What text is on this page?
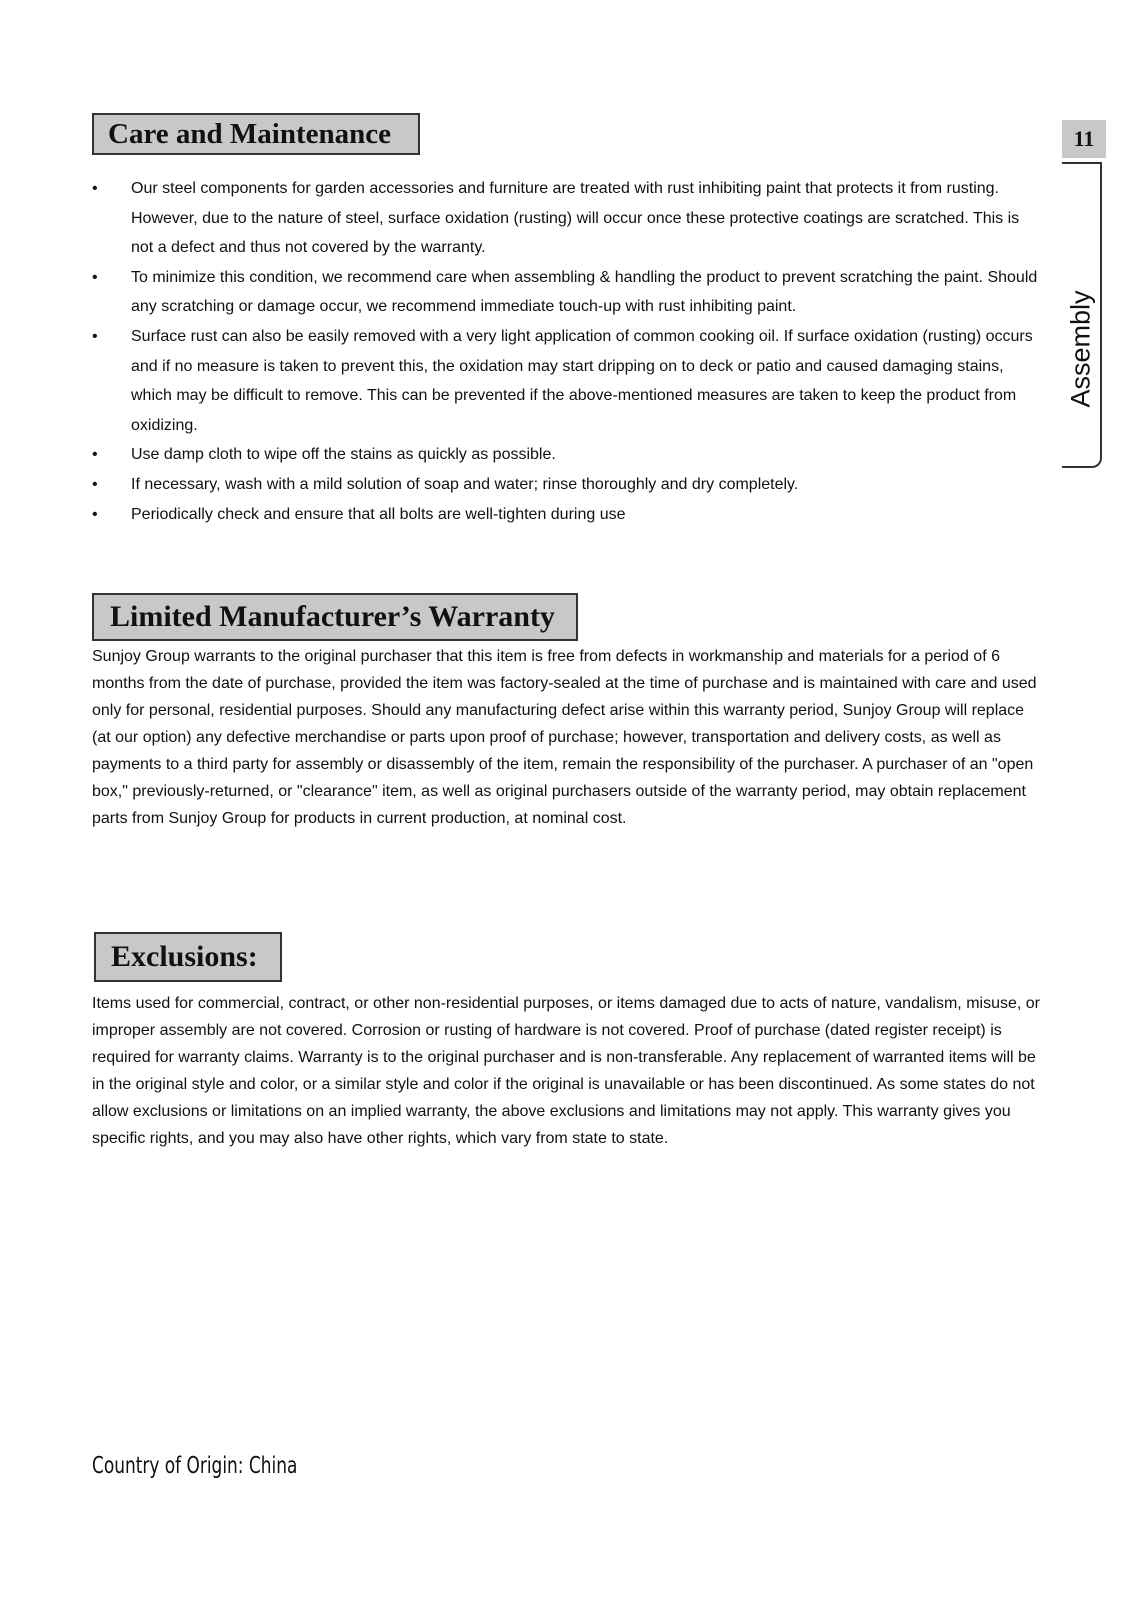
11
Assembly
Care and Maintenance
• Our steel components for garden accessories and furniture are treated with rust inhibiting paint that protects it from rusting. However, due to the nature of steel, surface oxidation (rusting) will occur once these protective coatings are scratched. This is not a defect and thus not covered by the warranty.
• To minimize this condition, we recommend care when assembling & handling the product to prevent scratching the paint. Should any scratching or damage occur, we recommend immediate touch-up with rust inhibiting paint.
• Surface rust can also be easily removed with a very light application of common cooking oil. If surface oxidation (rusting) occurs and if no measure is taken to prevent this, the oxidation may start dripping on to deck or patio and caused damaging stains, which may be difficult to remove. This can be prevented if the above-mentioned measures are taken to keep the product from oxidizing.
• Use damp cloth to wipe off the stains as quickly as possible.
• If necessary, wash with a mild solution of soap and water; rinse thoroughly and dry completely.
• Periodically check and ensure that all bolts are well-tighten during use
Limited Manufacturer’s Warranty

Sunjoy Group warrants to the original purchaser that this item is free from defects in workmanship and materials for a period of 6 months from the date of purchase, provided the item was factory-sealed at the time of purchase and is maintained with care and used only for personal, residential purposes. Should any manufacturing defect arise within this warranty period, Sunjoy Group will replace (at our option) any defective merchandise or parts upon proof of purchase; however, transportation and delivery costs, as well as payments to a third party for assembly or disassembly of the item, remain the responsibility of the purchaser. A purchaser of an "open box," previously-returned, or "clearance" item, as well as original purchasers outside of the warranty period, may obtain replacement parts from Sunjoy Group for products in current production, at nominal cost.

Exclusions:

Items used for commercial, contract, or other non-residential purposes, or items damaged due to acts of nature, vandalism, misuse, or improper assembly are not covered. Corrosion or rusting of hardware is not covered. Proof of purchase (dated register receipt) is required for warranty claims. Warranty is to the original purchaser and is non-transferable. Any replacement of warranted items will be in the original style and color, or a similar style and color if the original is unavailable or has been discontinued. As some states do not allow exclusions or limitations on an implied warranty, the above exclusions and limitations may not apply. This warranty gives you specific rights, and you may also have other rights, which vary from state to state.

Country of Origin: China
